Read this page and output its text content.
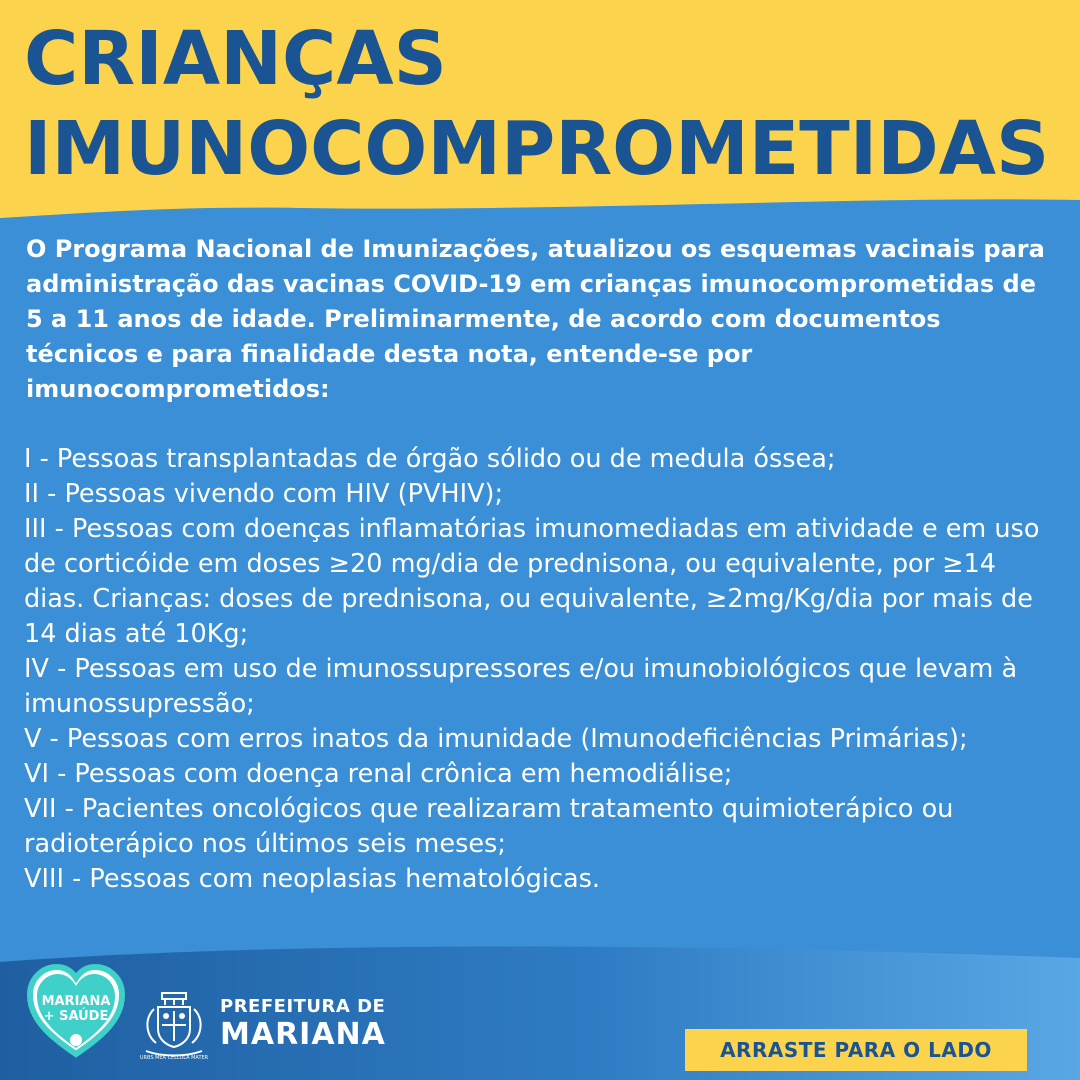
CRIANÇAS
IMUNOCOMPROMETIDAS

O Programa Nacional de Imunizações, atualizou os esquemas vacinais para administração das vacinas COVID-19 em crianças imunocomprometidas de 5 a 11 anos de idade. Preliminarmente, de acordo com documentos técnicos e para finalidade desta nota, entende-se por imunocomprometidos:

I - Pessoas transplantadas de órgão sólido ou de medula óssea;
II - Pessoas vivendo com HIV (PVHIV);
III - Pessoas com doenças inflamatórias imunomediadas em atividade e em uso de corticóide em doses ≥20 mg/dia de prednisona, ou equivalente, por ≥14 dias. Crianças: doses de prednisona, ou equivalente, ≥2mg/Kg/dia por mais de 14 dias até 10Kg;
IV - Pessoas em uso de imunossupressores e/ou imunobiológicos que levam à imunossupressão;
V - Pessoas com erros inatos da imunidade (Imunodeficiências Primárias);
VI - Pessoas com doença renal crônica em hemodiálise;
VII - Pacientes oncológicos que realizaram tratamento quimioterápico ou radioterápico nos últimos seis meses;
VIII - Pessoas com neoplasias hematológicas.
MARIANA
+ SAÚDE
URBS MEA CELLULA MATER
PREFEITURA DE
MARIANA	ARRASTE PARA O LADO
